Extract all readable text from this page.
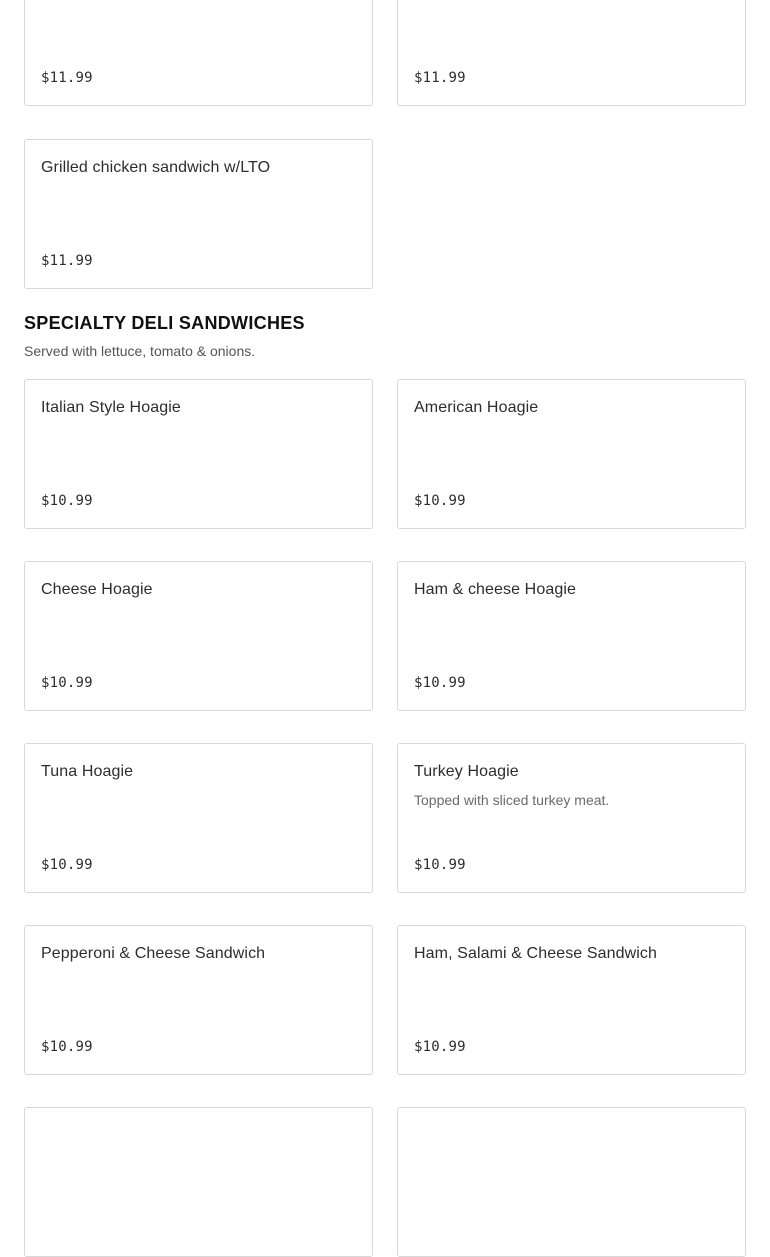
$11.99	$11.99
Grilled chicken sandwich w/LTO
$11.99
SPECIALTY DELI SANDWICHES

Served with lettuce, tomato & onions.

Italian Style Hoagie
$10.99
American Hoagie
$10.99
Cheese Hoagie
$10.99
Ham & cheese Hoagie
$10.99
Tuna Hoagie
$10.99
Turkey Hoagie
Topped with sliced turkey meat.
$10.99
Pepperoni & Cheese Sandwich
$10.99
Ham, Salami & Cheese Sandwich
$10.99
